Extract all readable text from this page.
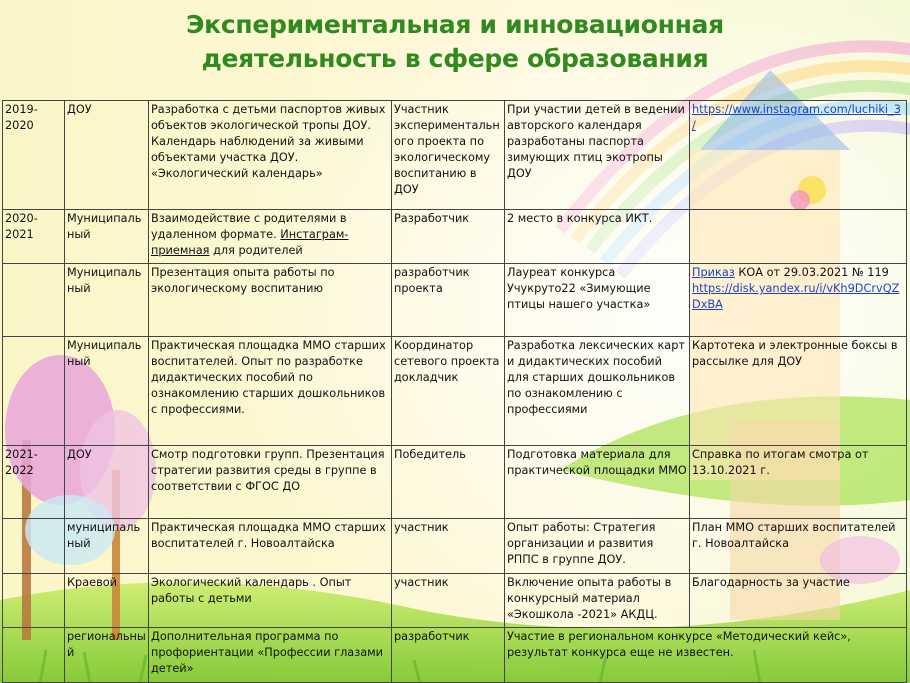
Экспериментальная и инновационная
деятельность в сфере образования
2019-2020	ДОУ	Разработка с детьми паспортов живых объектов экологической тропы ДОУ. Календарь наблюдений за живыми объектами участка ДОУ. «Экологический календарь»	Участник экспериментального проекта по экологическому воспитанию в ДОУ	При участии детей в ведении авторского календаря разработаны паспорта зимующих птиц экотропы ДОУ	https://www.instagram.com/luchiki_3/
2020-2021	Муниципальный	Взаимодействие с родителями в удаленном формате. Инстаграм-приемная для родителей	Разработчик	2 место в конкурса ИКТ.	
	Муниципальный	Презентация опыта работы по экологическому воспитанию	разработчик проекта	Лауреат конкурса Учукруто22 «Зимующие птицы нашего участка»	Приказ КОА от 29.03.2021 № 119
https://disk.yandex.ru/i/vKh9DCrvQZDxBA
	Муниципальный	Практическая площадка ММО старших воспитателей. Опыт по разработке дидактических пособий по ознакомлению старших дошкольников с профессиями.	Координатор сетевого проекта докладчик	Разработка лексических карт и дидактических пособий для старших дошкольников по ознакомлению с профессиями	Картотека и электронные боксы в рассылке для ДОУ
2021-2022	ДОУ	Смотр подготовки групп. Презентация стратегии развития среды в группе в соответствии с ФГОС ДО	Победитель	Подготовка материала для практической площадки ММО	Справка по итогам смотра от 13.10.2021 г.
	муниципальный	Практическая площадка ММО старших воспитателей г. Новоалтайска	участник	Опыт работы: Стратегия организации и развития РППС в группе ДОУ.	План ММО старших воспитателей г. Новоалтайска
	Краевой	Экологический календарь . Опыт работы с детьми	участник	Включение опыта работы в конкурсный материал «Экошкола -2021» АКДЦ.	Благодарность за участие
	региональный	Дополнительная программа по профориентации «Профессии глазами детей»	разработчик	Участие в региональном конкурсе «Методический кейс», результат конкурса еще не известен.	
